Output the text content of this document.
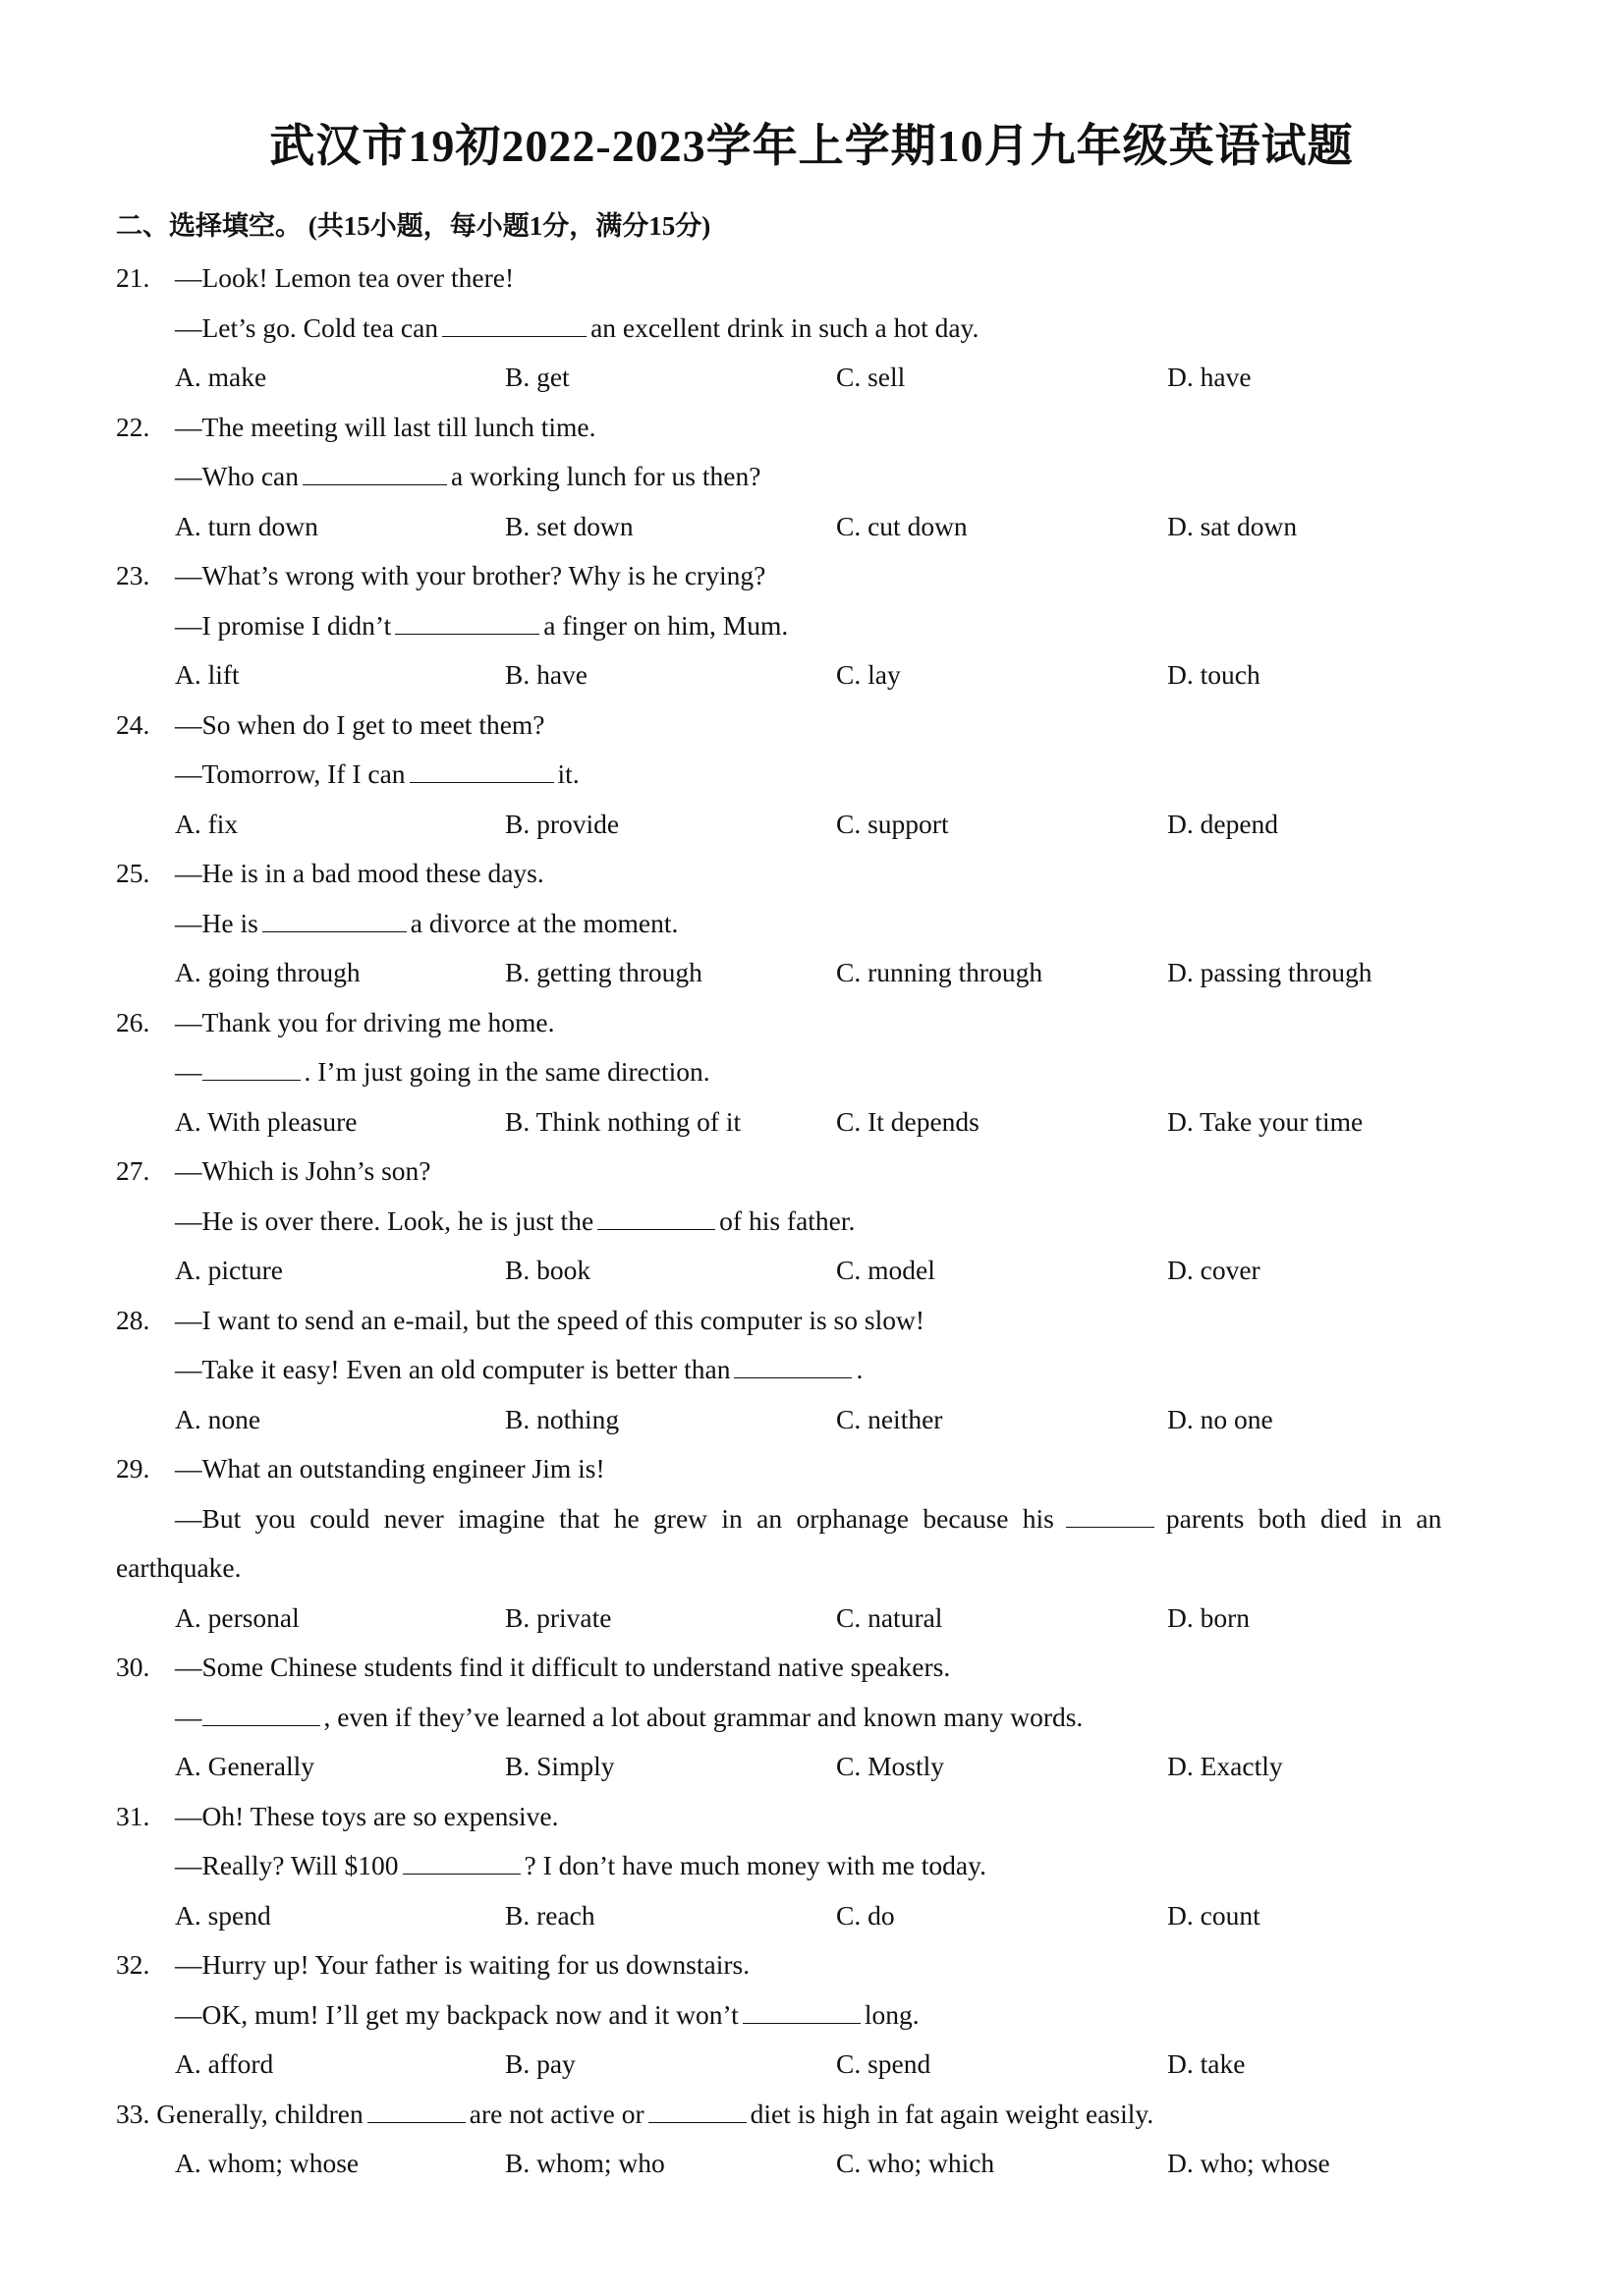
武汉市19初2022-2023学年上学期10月九年级英语试题
二、选择填空。 (共15小题，每小题1分，满分15分)
21. —Look! Lemon tea over there!
—Let’s go. Cold tea can	an excellent drink in such a hot day.
A. make	B. get	C. sell	D. have
22. —The meeting will last till lunch time.
—Who can	a working lunch for us then?
A. turn down	B. set down	C. cut down	D. sat down
23. —What’s wrong with your brother? Why is he crying?
—I promise I didn’t	a finger on him, Mum.
A. lift	B. have	C. lay	D. touch
24. —So when do I get to meet them?
—Tomorrow, If I can	it.
A. fix	B. provide	C. support	D. depend
25. —He is in a bad mood these days.
—He is	a divorce at the moment.
A. going through	B. getting through	C. running through	D. passing through
26. —Thank you for driving me home.
—	. I’m just going in the same direction.
A. With pleasure	B. Think nothing of it	C. It depends	D. Take your time
27. —Which is John’s son?
—He is over there. Look, he is just the	of his father.
A. picture	B. book	C. model	D. cover
28. —I want to send an e-mail, but the speed of this computer is so slow!
—Take it easy! Even an old computer is better than	.
A. none	B. nothing	C. neither	D. no one
29. —What an outstanding engineer Jim is!
—But you could never imagine that he grew in an orphanage because his	parents both died in an
earthquake.
A. personal	B. private	C. natural	D. born
30. —Some Chinese students find it difficult to understand native speakers.
—	, even if they’ve learned a lot about grammar and known many words.
A. Generally	B. Simply	C. Mostly	D. Exactly
31. —Oh! These toys are so expensive.
—Really? Will $100	? I don’t have much money with me today.
A. spend	B. reach	C. do	D. count
32. —Hurry up! Your father is waiting for us downstairs.
—OK, mum! I’ll get my backpack now and it won’t	long.
A. afford	B. pay	C. spend	D. take
33. Generally, children	are not active or	diet is high in fat again weight easily.
A. whom; whose	B. whom; who	C. who; which	D. who; whose
